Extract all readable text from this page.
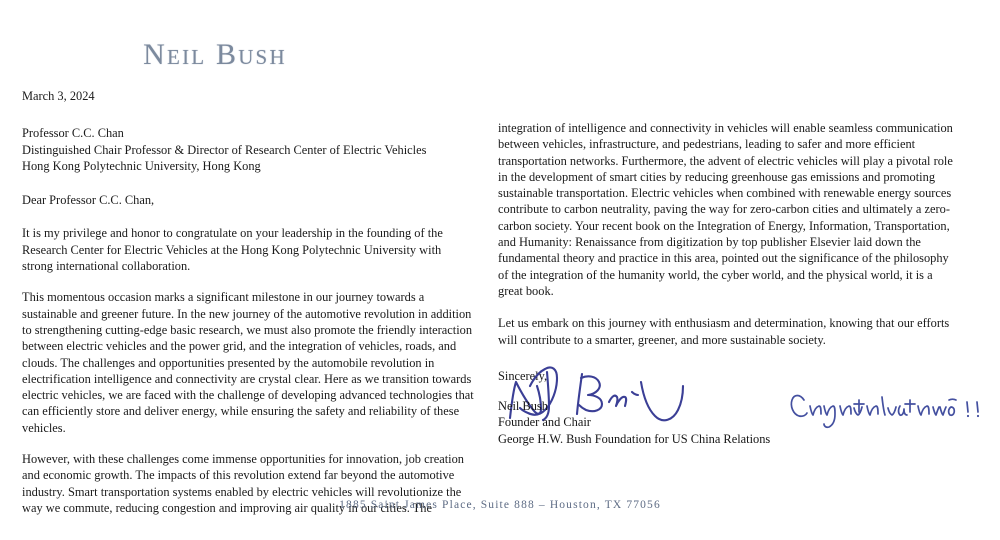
Neil Bush
March 3, 2024
Professor C.C. Chan
Distinguished Chair Professor & Director of Research Center of Electric Vehicles
Hong Kong Polytechnic University, Hong Kong
Dear Professor C.C. Chan,

It is my privilege and honor to congratulate on your leadership in the founding of the Research Center for Electric Vehicles at the Hong Kong Polytechnic University with strong international collaboration.

This momentous occasion marks a significant milestone in our journey towards a sustainable and greener future. In the new journey of the automotive revolution in addition to strengthening cutting-edge basic research, we must also promote the friendly interaction between electric vehicles and the power grid, and the integration of vehicles, roads, and clouds. The challenges and opportunities presented by the automobile revolution in electrification intelligence and connectivity are crystal clear. Here as we transition towards electric vehicles, we are faced with the challenge of developing advanced technologies that can efficiently store and deliver energy, while ensuring the safety and reliability of these vehicles.

However, with these challenges come immense opportunities for innovation, job creation and economic growth. The impacts of this revolution extend far beyond the automotive industry. Smart transportation systems enabled by electric vehicles will revolutionize the way we commute, reducing congestion and improving air quality in our cities. The

integration of intelligence and connectivity in vehicles will enable seamless communication between vehicles, infrastructure, and pedestrians, leading to safer and more efficient transportation networks. Furthermore, the advent of electric vehicles will play a pivotal role in the development of smart cities by reducing greenhouse gas emissions and promoting sustainable transportation. Electric vehicles when combined with renewable energy sources contribute to carbon neutrality, paving the way for zero-carbon cities and ultimately a zero-carbon society. Your recent book on the Integration of Energy, Information, Transportation, and Humanity: Renaissance from digitization by top publisher Elsevier laid down the fundamental theory and practice in this area, pointed out the significance of the philosophy of the integration of the humanity world, the cyber world, and the physical world, it is a great book.

Let us embark on this journey with enthusiasm and determination, knowing that our efforts will contribute to a smarter, greener, and more sustainable society.

Sincerely,
Neil Bush
Founder and Chair
George H.W. Bush Foundation for US China Relations
1885 Saint James Place, Suite 888 – Houston, TX 77056
